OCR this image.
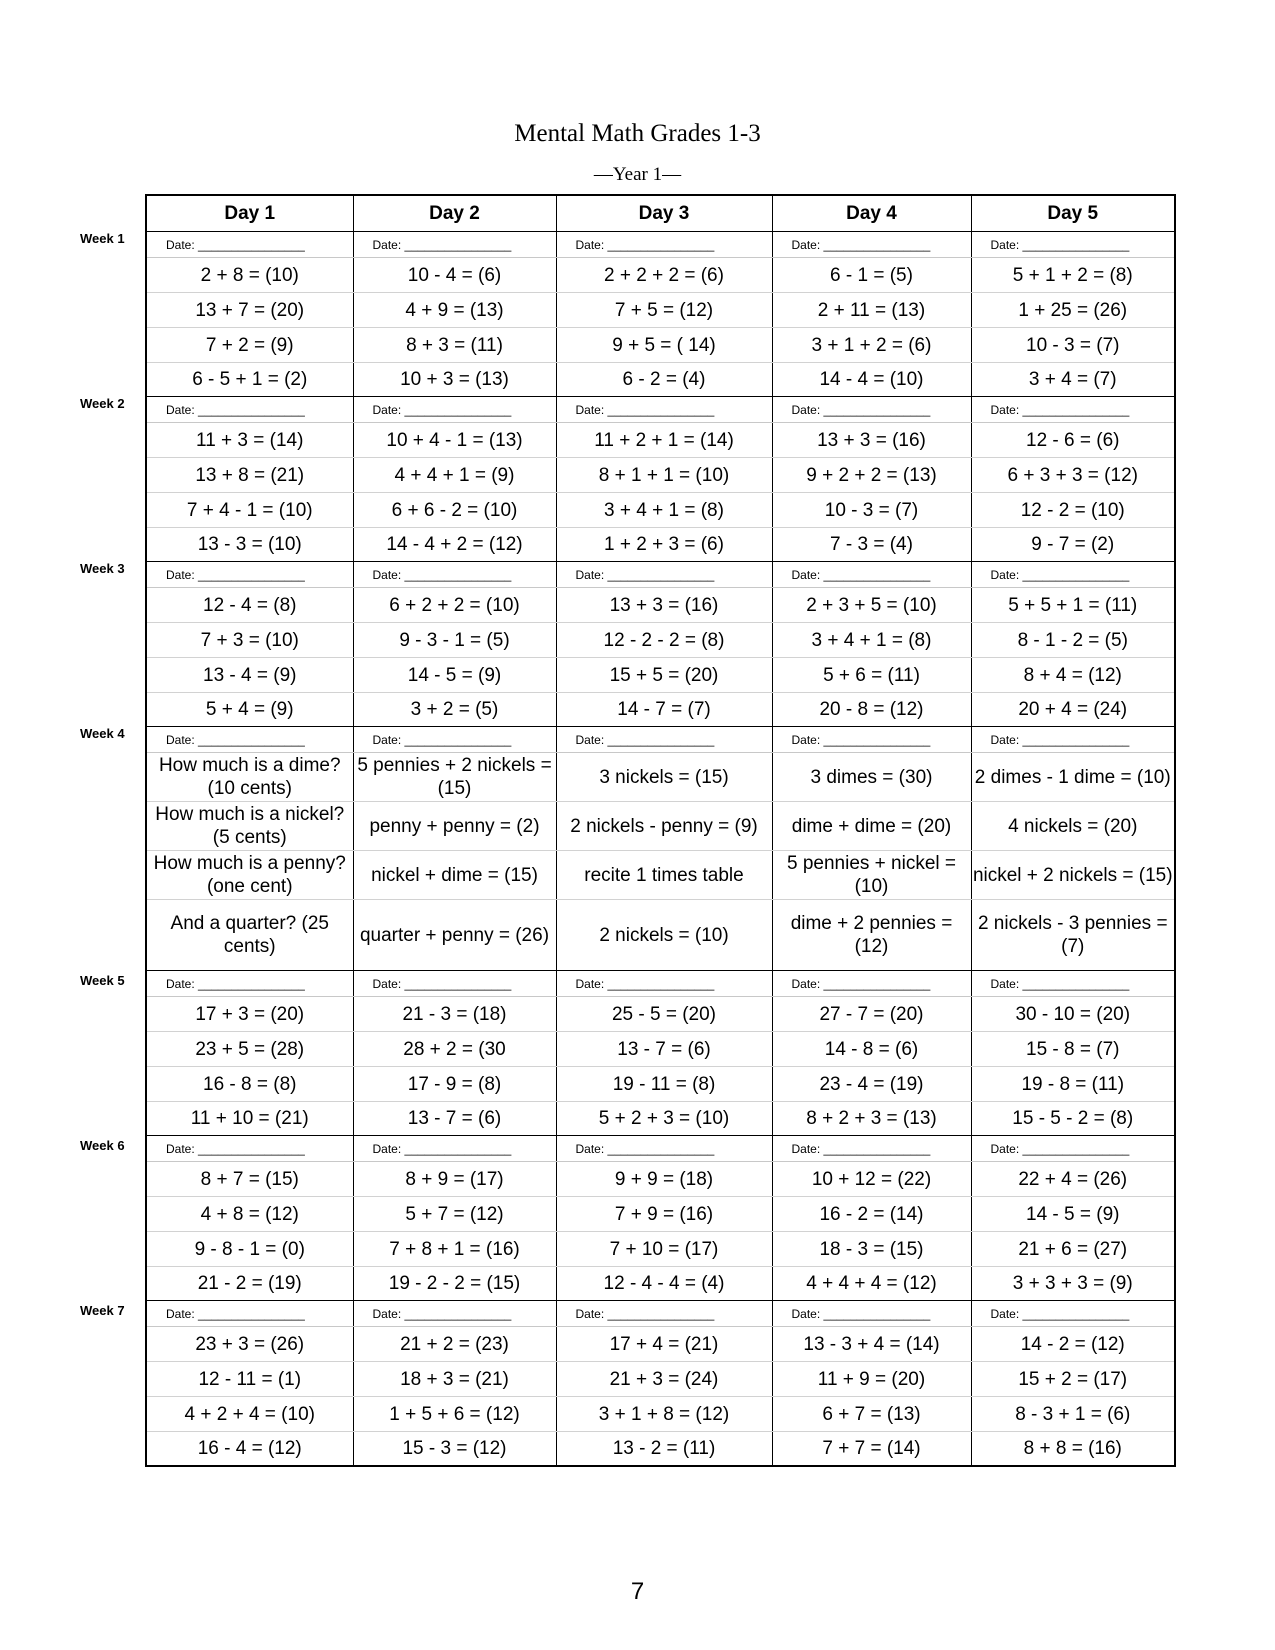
Mental Math Grades 1-3
—Year 1—
Day 1	Day 2	Day 3	Day 4	Day 5
Date: ________________	Date: ________________	Date: ________________	Date: ________________	Date: ________________
2 + 8 = (10)	10 - 4 = (6)	2 + 2 + 2 = (6)	6 - 1 = (5)	5 + 1 + 2 = (8)
13 + 7 = (20)	4 + 9 = (13)	7 + 5 = (12)	2 + 11 = (13)	1 + 25 = (26)
7 + 2 = (9)	8 + 3 = (11)	9 + 5 = ( 14)	3 + 1 + 2 = (6)	10 - 3 = (7)
6 - 5 + 1 = (2)	10 + 3 = (13)	6 - 2 = (4)	14 - 4 = (10)	3 + 4 = (7)
Date: ________________	Date: ________________	Date: ________________	Date: ________________	Date: ________________
11 + 3 = (14)	10 + 4 - 1 = (13)	11 + 2 + 1 = (14)	13 + 3 = (16)	12 - 6 = (6)
13 + 8 = (21)	4 + 4 + 1 = (9)	8 + 1 + 1 = (10)	9 + 2 + 2 = (13)	6 + 3 + 3 = (12)
7 + 4 - 1 = (10)	6 + 6 - 2 = (10)	3 + 4 + 1 = (8)	10 - 3 = (7)	12 - 2 = (10)
13 - 3 = (10)	14 - 4 + 2 = (12)	1 + 2 + 3 = (6)	7 - 3 = (4)	9 - 7 = (2)
Date: ________________	Date: ________________	Date: ________________	Date: ________________	Date: ________________
12 - 4 = (8)	6 + 2 + 2 = (10)	13 + 3 = (16)	2 + 3 + 5 = (10)	5 + 5 + 1 = (11)
7 + 3 = (10)	9 - 3 - 1 = (5)	12 - 2 - 2 = (8)	3 + 4 + 1 = (8)	8 - 1 - 2 = (5)
13 - 4 = (9)	14 - 5 = (9)	15 + 5 = (20)	5 + 6 = (11)	8 + 4 = (12)
5 + 4 = (9)	3 + 2 = (5)	14 - 7 = (7)	20 - 8 = (12)	20 + 4 = (24)
Date: ________________	Date: ________________	Date: ________________	Date: ________________	Date: ________________
How much is a dime? (10 cents)	5 pennies + 2 nickels = (15)	3 nickels = (15)	3 dimes = (30)	2 dimes - 1 dime = (10)
How much is a nickel? (5 cents)	penny + penny = (2)	2 nickels - penny = (9)	dime + dime = (20)	4 nickels = (20)
How much is a penny? (one cent)	nickel + dime = (15)	recite 1 times table	5 pennies + nickel = (10)	nickel + 2 nickels = (15)
And a quarter? (25 cents)	quarter + penny = (26)	2 nickels = (10)	dime + 2 pennies = (12)	2 nickels - 3 pennies = (7)
Date: ________________	Date: ________________	Date: ________________	Date: ________________	Date: ________________
17 + 3 = (20)	21 - 3 = (18)	25 - 5 = (20)	27 - 7 = (20)	30 - 10 = (20)
23 + 5 = (28)	28 + 2 = (30	13 - 7 = (6)	14 - 8 = (6)	15 - 8 = (7)
16 - 8 = (8)	17 - 9 = (8)	19 - 11 = (8)	23 - 4 = (19)	19 - 8 = (11)
11 + 10 = (21)	13 - 7 = (6)	5 + 2 + 3 = (10)	8 + 2 + 3 = (13)	15 - 5 - 2 = (8)
Date: ________________	Date: ________________	Date: ________________	Date: ________________	Date: ________________
8 + 7 = (15)	8 + 9 = (17)	9 + 9 = (18)	10 + 12 = (22)	22 + 4 = (26)
4 + 8 = (12)	5 + 7 = (12)	7 + 9 = (16)	16 - 2 = (14)	14 - 5 = (9)
9 - 8 - 1 = (0)	7 + 8 + 1 = (16)	7 + 10 = (17)	18 - 3 = (15)	21 + 6 = (27)
21 - 2 = (19)	19 - 2 - 2 = (15)	12 - 4 - 4 = (4)	4 + 4 + 4 = (12)	3 + 3 + 3 = (9)
Date: ________________	Date: ________________	Date: ________________	Date: ________________	Date: ________________
23 + 3 = (26)	21 + 2 = (23)	17 + 4 = (21)	13 - 3 + 4 = (14)	14 - 2 = (12)
12 - 11 = (1)	18 + 3 = (21)	21 + 3 = (24)	11 + 9 = (20)	15 + 2 = (17)
4 + 2 + 4 = (10)	1 + 5 + 6 = (12)	3 + 1 + 8 = (12)	6 + 7 = (13)	8 - 3 + 1 = (6)
16 - 4 = (12)	15 - 3 = (12)	13 - 2 = (11)	7 + 7 = (14)	8 + 8 = (16)
Week 1
Week 2
Week 3
Week 4
Week 5
Week 6
Week 7
7
